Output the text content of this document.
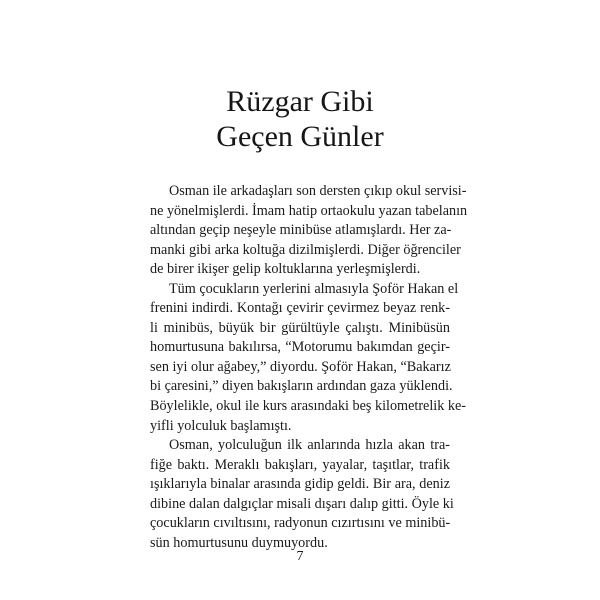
Rüzgar Gibi
Geçen Günler

Osman ile arkadaşları son dersten çıkıp okul servisi-
ne yönelmişlerdi. İmam hatip ortaokulu yazan tabelanın
altından geçip neşeyle minibüse atlamışlardı. Her za-
manki gibi arka koltuğa dizilmişlerdi. Diğer öğrenciler
de birer ikişer gelip koltuklarına yerleşmişlerdi.

Tüm çocukların yerlerini almasıyla Şoför Hakan el
frenini indirdi. Kontağı çevirir çevirmez beyaz renk-
li minibüs, büyük bir gürültüyle çalıştı. Minibüsün
homurtusuna bakılırsa, “Motorumu bakımdan geçir-
sen iyi olur ağabey,” diyordu. Şoför Hakan, “Bakarız
bi çaresini,” diyen bakışların ardından gaza yüklendi.
Böylelikle, okul ile kurs arasındaki beş kilometrelik ke-
yifli yolculuk başlamıştı.

Osman, yolculuğun ilk anlarında hızla akan tra-
fiğe baktı. Meraklı bakışları, yayalar, taşıtlar, trafik
ışıklarıyla binalar arasında gidip geldi. Bir ara, deniz
dibine dalan dalgıçlar misali dışarı dalıp gitti. Öyle ki
çocukların cıvıltısını, radyonun cızırtısını ve minibü-
sün homurtusunu duymuyordu.

7
